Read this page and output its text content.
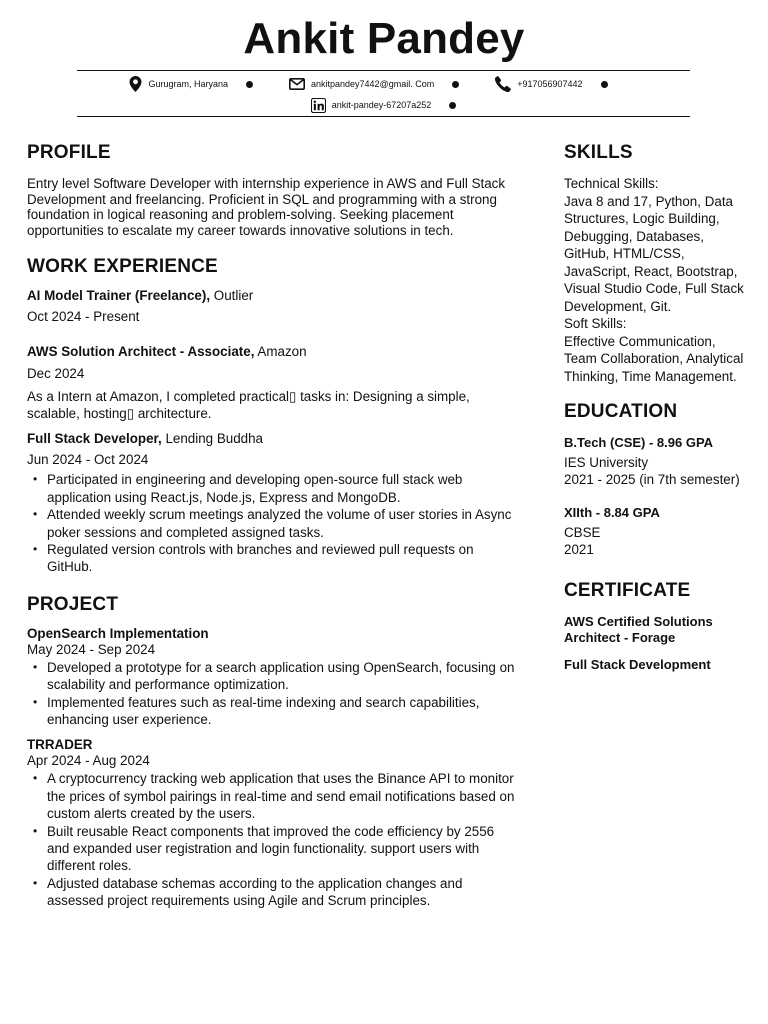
Ankit Pandey
Gurugram, Haryana	ankitpandey7442@gmail. Com	+917056907442
ankit-pandey-67207a252
PROFILE

Entry level Software Developer with internship experience in AWS and Full Stack Development and freelancing. Proficient in SQL and programming with a strong foundation in logical reasoning and problem-solving. Seeking placement opportunities to escalate my career towards innovative solutions in tech.

WORK EXPERIENCE
AI Model Trainer (Freelance), Outlier
Oct 2024 - Present
AWS Solution Architect - Associate, Amazon
Dec 2024

As a Intern at Amazon, I completed practical▯ tasks in: Designing a simple, scalable, hosting▯ architecture.

Full Stack Developer, Lending Buddha
Jun 2024 - Oct 2024
• Participated in engineering and developing open-source full stack web application using React.js, Node.js, Express and MongoDB.
• Attended weekly scrum meetings analyzed the volume of user stories in Async poker sessions and completed assigned tasks.
• Regulated version controls with branches and reviewed pull requests on GitHub.
PROJECT
OpenSearch Implementation
May 2024 - Sep 2024
• Developed a prototype for a search application using OpenSearch, focusing on scalability and performance optimization.
• Implemented features such as real-time indexing and search capabilities, enhancing user experience.
TRRADER
Apr 2024 - Aug 2024
• A cryptocurrency tracking web application that uses the Binance API to monitor the prices of symbol pairings in real-time and send email notifications based on custom alerts created by the users.
• Built reusable React components that improved the code efficiency by 2556 and expanded user registration and login functionality. support users with different roles.
• Adjusted database schemas according to the application changes and assessed project requirements using Agile and Scrum principles.
SKILLS
Technical Skills:
Java 8 and 17, Python, Data Structures, Logic Building, Debugging, Databases, GitHub, HTML/CSS, JavaScript, React, Bootstrap, Visual Studio Code, Full Stack Development, Git.
Soft Skills:
Effective Communication, Team Collaboration, Analytical Thinking, Time Management.
EDUCATION
B.Tech (CSE) - 8.96 GPA
IES University
2021 - 2025 (in 7th semester)
XIIth - 8.84 GPA
CBSE
2021
CERTIFICATE
AWS Certified Solutions Architect - Forage
Full Stack Development
